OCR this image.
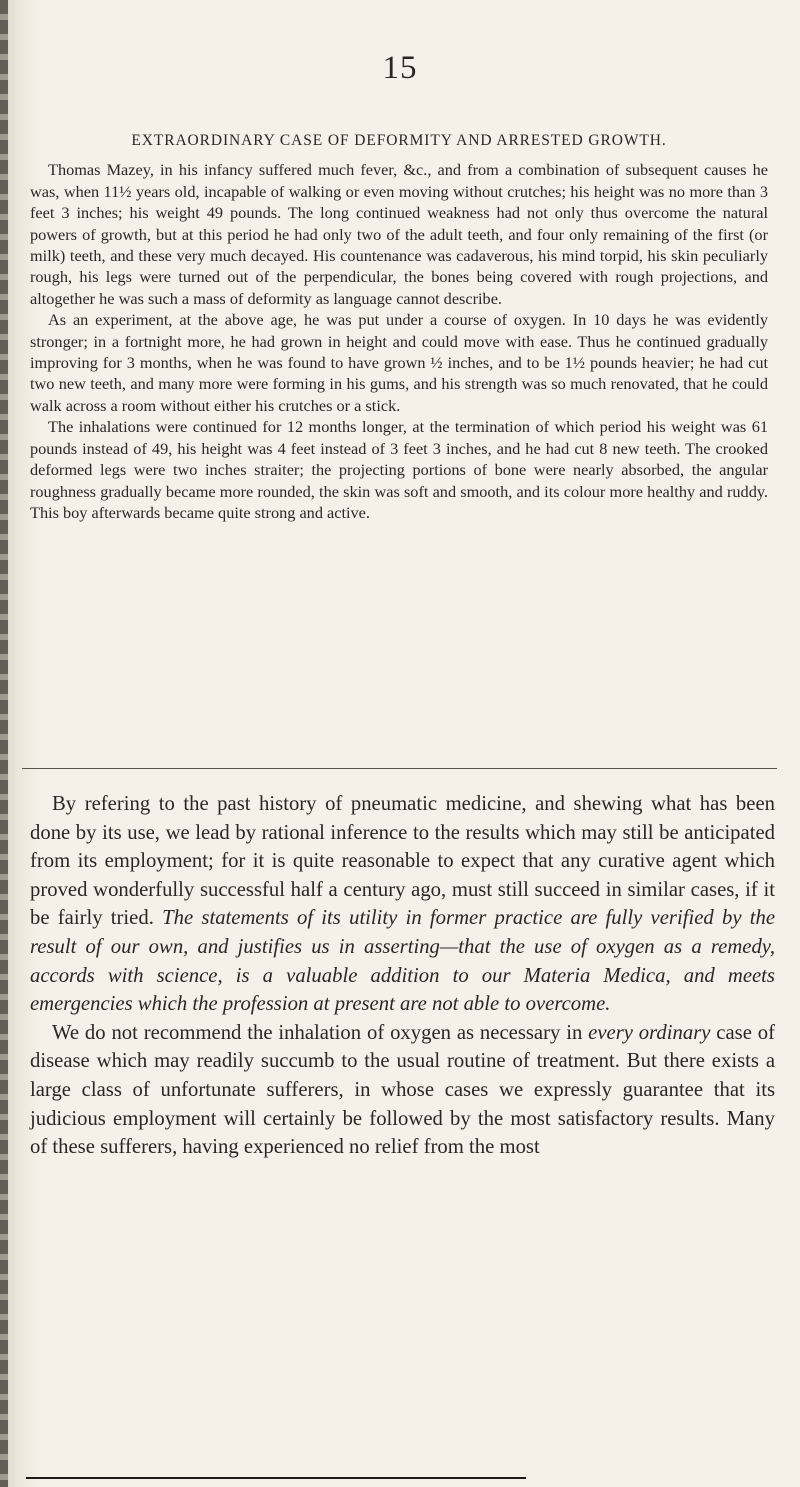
15
EXTRAORDINARY CASE OF DEFORMITY AND ARRESTED GROWTH.

Thomas Mazey, in his infancy suffered much fever, &c., and from a combination of subsequent causes he was, when 11½ years old, incapable of walking or even moving without crutches; his height was no more than 3 feet 3 inches; his weight 49 pounds. The long continued weakness had not only thus overcome the natural powers of growth, but at this period he had only two of the adult teeth, and four only remaining of the first (or milk) teeth, and these very much decayed. His countenance was cadaverous, his mind torpid, his skin peculiarly rough, his legs were turned out of the perpendicular, the bones being covered with rough projections, and altogether he was such a mass of deformity as language cannot describe.

As an experiment, at the above age, he was put under a course of oxygen. In 10 days he was evidently stronger; in a fortnight more, he had grown in height and could move with ease. Thus he continued gradually improving for 3 months, when he was found to have grown ½ inches, and to be 1½ pounds heavier; he had cut two new teeth, and many more were forming in his gums, and his strength was so much renovated, that he could walk across a room without either his crutches or a stick.

The inhalations were continued for 12 months longer, at the termination of which period his weight was 61 pounds instead of 49, his height was 4 feet instead of 3 feet 3 inches, and he had cut 8 new teeth. The crooked deformed legs were two inches straiter; the projecting portions of bone were nearly absorbed, the angular roughness gradually became more rounded, the skin was soft and smooth, and its colour more healthy and ruddy. This boy afterwards became quite strong and active.

By refering to the past history of pneumatic medicine, and shewing what has been done by its use, we lead by rational inference to the results which may still be anticipated from its employment; for it is quite reasonable to expect that any curative agent which proved wonderfully successful half a century ago, must still succeed in similar cases, if it be fairly tried. The statements of its utility in former practice are fully verified by the result of our own, and justifies us in asserting—that the use of oxygen as a remedy, accords with science, is a valuable addition to our Materia Medica, and meets emergencies which the profession at present are not able to overcome.

We do not recommend the inhalation of oxygen as necessary in every ordinary case of disease which may readily succumb to the usual routine of treatment. But there exists a large class of unfortunate sufferers, in whose cases we expressly guarantee that its judicious employment will certainly be followed by the most satisfactory results. Many of these sufferers, having experienced no relief from the most
